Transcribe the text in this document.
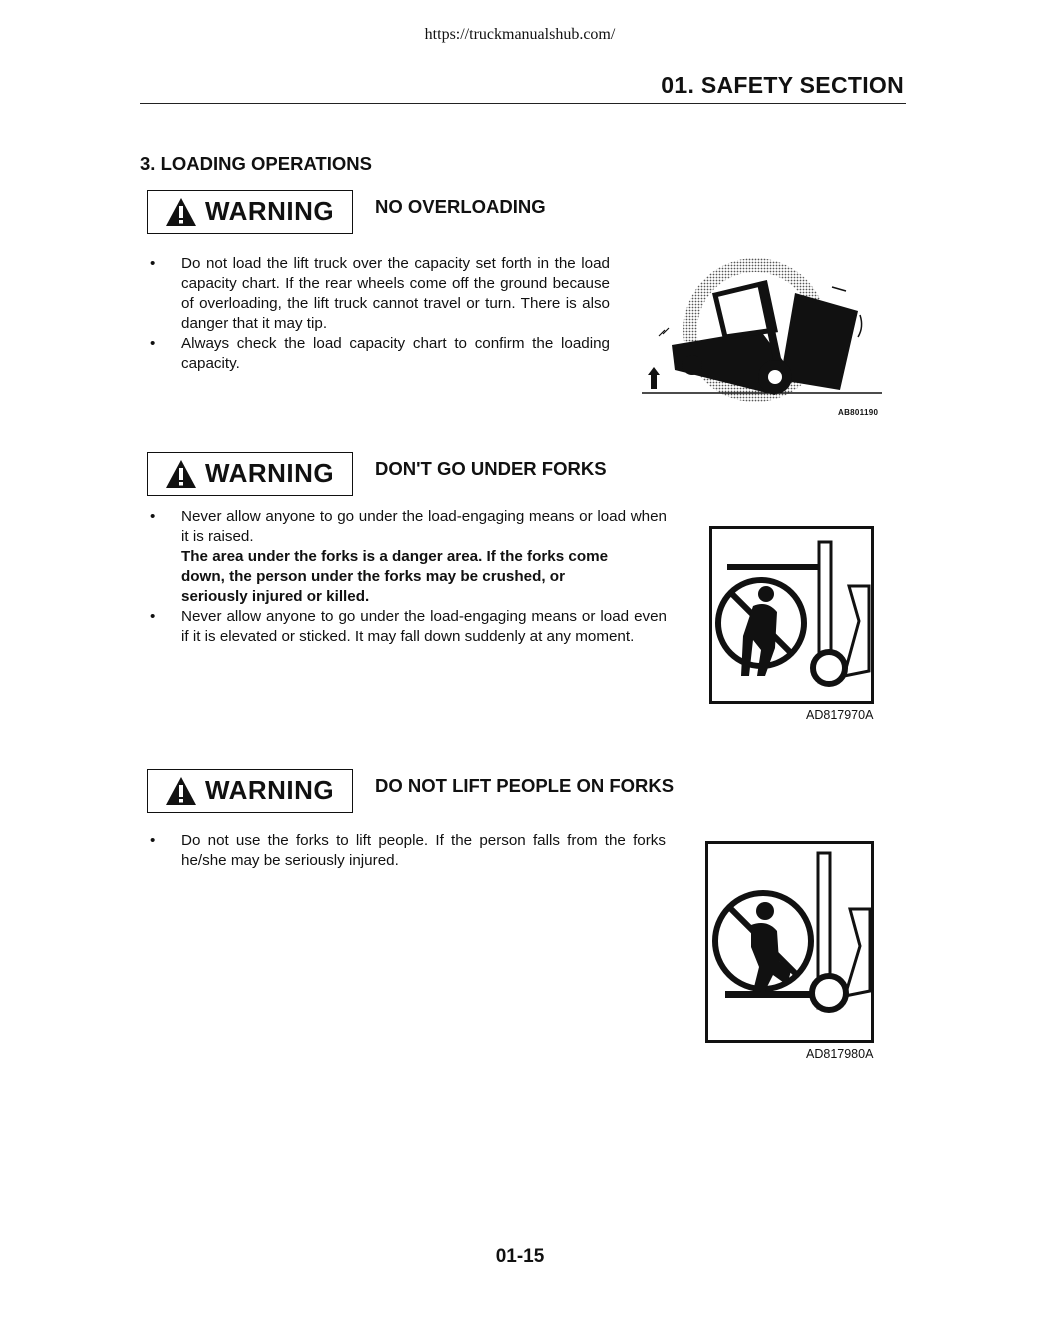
https://truckmanualshub.com/
01. SAFETY SECTION
3. LOADING OPERATIONS
WARNING NO OVERLOADING
• Do not load the lift truck over the capacity set forth in the load capacity chart. If the rear wheels come off the ground because of overloading, the lift truck cannot travel or turn. There is also danger that it may tip.
• Always check the load capacity chart to confirm the loading capacity.
AB801190
WARNING DON'T GO UNDER FORKS
• Never allow anyone to go under the load-engaging means or load when it is raised.
The area under the forks is a danger area. If the forks come down, the person under the forks may be crushed, or seriously injured or killed.
• Never allow anyone to go under the load-engaging means or load even if it is elevated or sticked. It may fall down suddenly at any moment.
AD817970A
WARNING DO NOT LIFT PEOPLE ON FORKS
• Do not use the forks to lift people. If the person falls from the forks he/she may be seriously injured.
AD817980A
01-15
